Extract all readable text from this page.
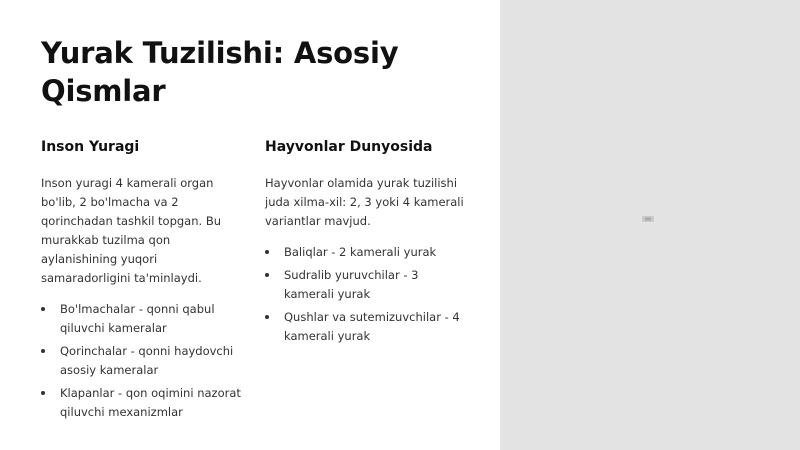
Yurak Tuzilishi: Asosiy Qismlar
Inson Yuragi

Inson yuragi 4 kamerali organ bo'lib, 2 bo'lmacha va 2 qorinchadan tashkil topgan. Bu murakkab tuzilma qon aylanishining yuqori samaradorligini ta'minlaydi.

Bo'lmachalar - qonni qabul qiluvchi kameralar
Qorinchalar - qonni haydovchi asosiy kameralar
Klapanlar - qon oqimini nazorat qiluvchi mexanizmlar
Hayvonlar Dunyosida

Hayvonlar olamida yurak tuzilishi juda xilma-xil: 2, 3 yoki 4 kamerali variantlar mavjud.

Baliqlar - 2 kamerali yurak
Sudralib yuruvchilar - 3 kamerali yurak
Qushlar va sutemizuvchilar - 4 kamerali yurak
